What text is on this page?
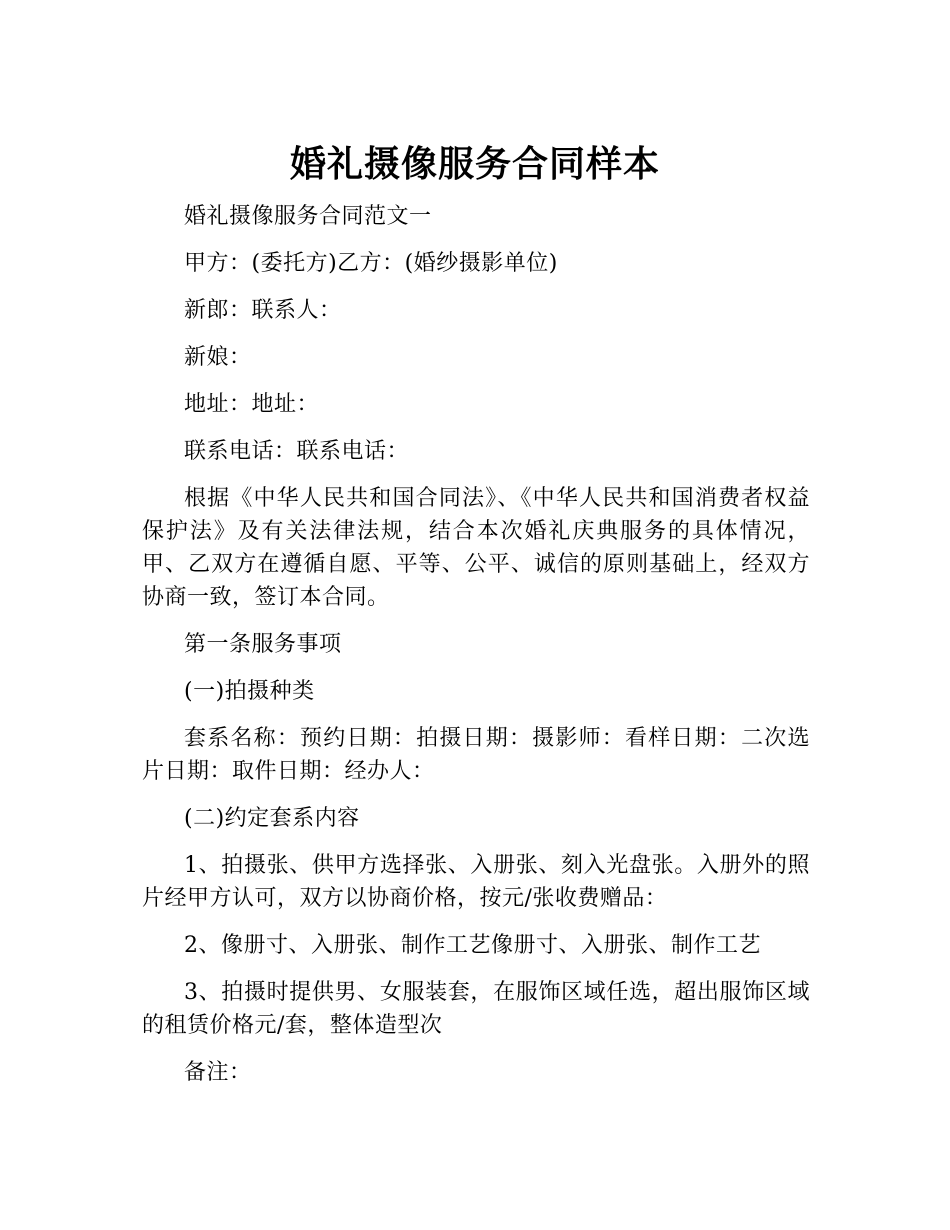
婚礼摄像服务合同样本

婚礼摄像服务合同范文一

甲方：(委托方)乙方：(婚纱摄影单位)

新郎：联系人：

新娘：

地址：地址：

联系电话：联系电话：

根据《中华人民共和国合同法》、《中华人民共和国消费者权益保护法》及有关法律法规，结合本次婚礼庆典服务的具体情况，甲、乙双方在遵循自愿、平等、公平、诚信的原则基础上，经双方协商一致，签订本合同。

第一条服务事项

(一)拍摄种类

套系名称：预约日期：拍摄日期：摄影师：看样日期：二次选片日期：取件日期：经办人：

(二)约定套系内容

1、拍摄张、供甲方选择张、入册张、刻入光盘张。入册外的照片经甲方认可，双方以协商价格，按元/张收费赠品：

2、像册寸、入册张、制作工艺像册寸、入册张、制作工艺

3、拍摄时提供男、女服装套，在服饰区域任选，超出服饰区域的租赁价格元/套，整体造型次

备注：
